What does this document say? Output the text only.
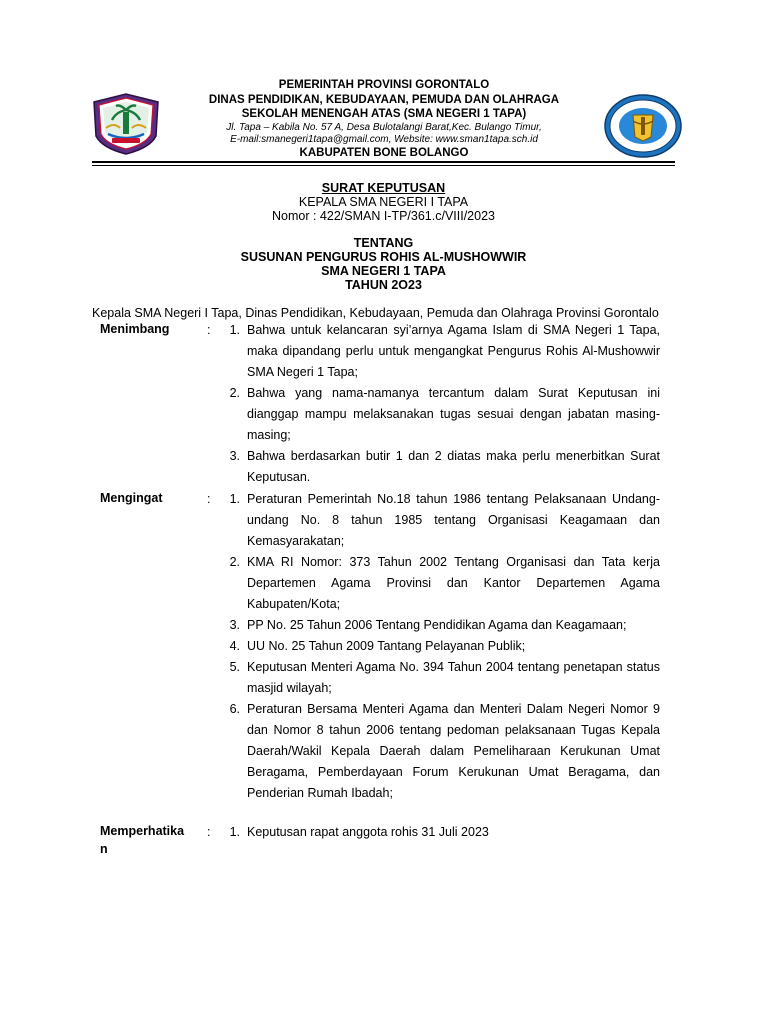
PEMERINTAH PROVINSI GORONTALO
DINAS PENDIDIKAN, KEBUDAYAAN, PEMUDA DAN OLAHRAGA
SEKOLAH MENENGAH ATAS (SMA NEGERI 1 TAPA)
Jl. Tapa – Kabila No. 57 A, Desa Bulotalangi Barat,Kec. Bulango Timur,
E-mail:smanegeri1tapa@gmail.com, Website: www.sman1tapa.sch.id
KABUPATEN BONE BOLANGO
SURAT KEPUTUSAN
KEPALA SMA NEGERI I TAPA
Nomor : 422/SMAN I-TP/361.c/VIII/2023
TENTANG
SUSUNAN PENGURUS ROHIS AL-MUSHOWWIR
SMA NEGERI 1 TAPA
TAHUN 2O23
Kepala SMA Negeri I Tapa, Dinas Pendidikan, Kebudayaan, Pemuda dan Olahraga Provinsi Gorontalo
Menimbang	:	1. Bahwa untuk kelancaran syi’arnya Agama Islam di SMA Negeri 1 Tapa, maka dipandang perlu untuk mengangkat Pengurus Rohis Al-Mushowwir SMA Negeri 1 Tapa;
2. Bahwa yang nama-namanya tercantum dalam Surat Keputusan ini dianggap mampu melaksanakan tugas sesuai dengan jabatan masing-masing;
3. Bahwa berdasarkan butir 1 dan 2 diatas maka perlu menerbitkan Surat Keputusan.
Mengingat	:	1. Peraturan Pemerintah No.18 tahun 1986 tentang Pelaksanaan Undang-undang No. 8 tahun 1985 tentang Organisasi Keagamaan dan Kemasyarakatan;
2. KMA RI Nomor: 373 Tahun 2002 Tentang Organisasi dan Tata kerja Departemen Agama Provinsi dan Kantor Departemen Agama Kabupaten/Kota;
3. PP No. 25 Tahun 2006 Tentang Pendidikan Agama dan Keagamaan;
4. UU No. 25 Tahun 2009 Tantang Pelayanan Publik;
5. Keputusan Menteri Agama No. 394 Tahun 2004 tentang penetapan status masjid wilayah;
6. Peraturan Bersama Menteri Agama dan Menteri Dalam Negeri Nomor 9 dan Nomor 8 tahun 2006 tentang pedoman pelaksanaan Tugas Kepala Daerah/Wakil Kepala Daerah dalam Pemeliharaan Kerukunan Umat Beragama, Pemberdayaan Forum Kerukunan Umat Beragama, dan Penderian Rumah Ibadah;
Memperhatikan
:	1. Keputusan rapat anggota rohis 31 Juli 2023
